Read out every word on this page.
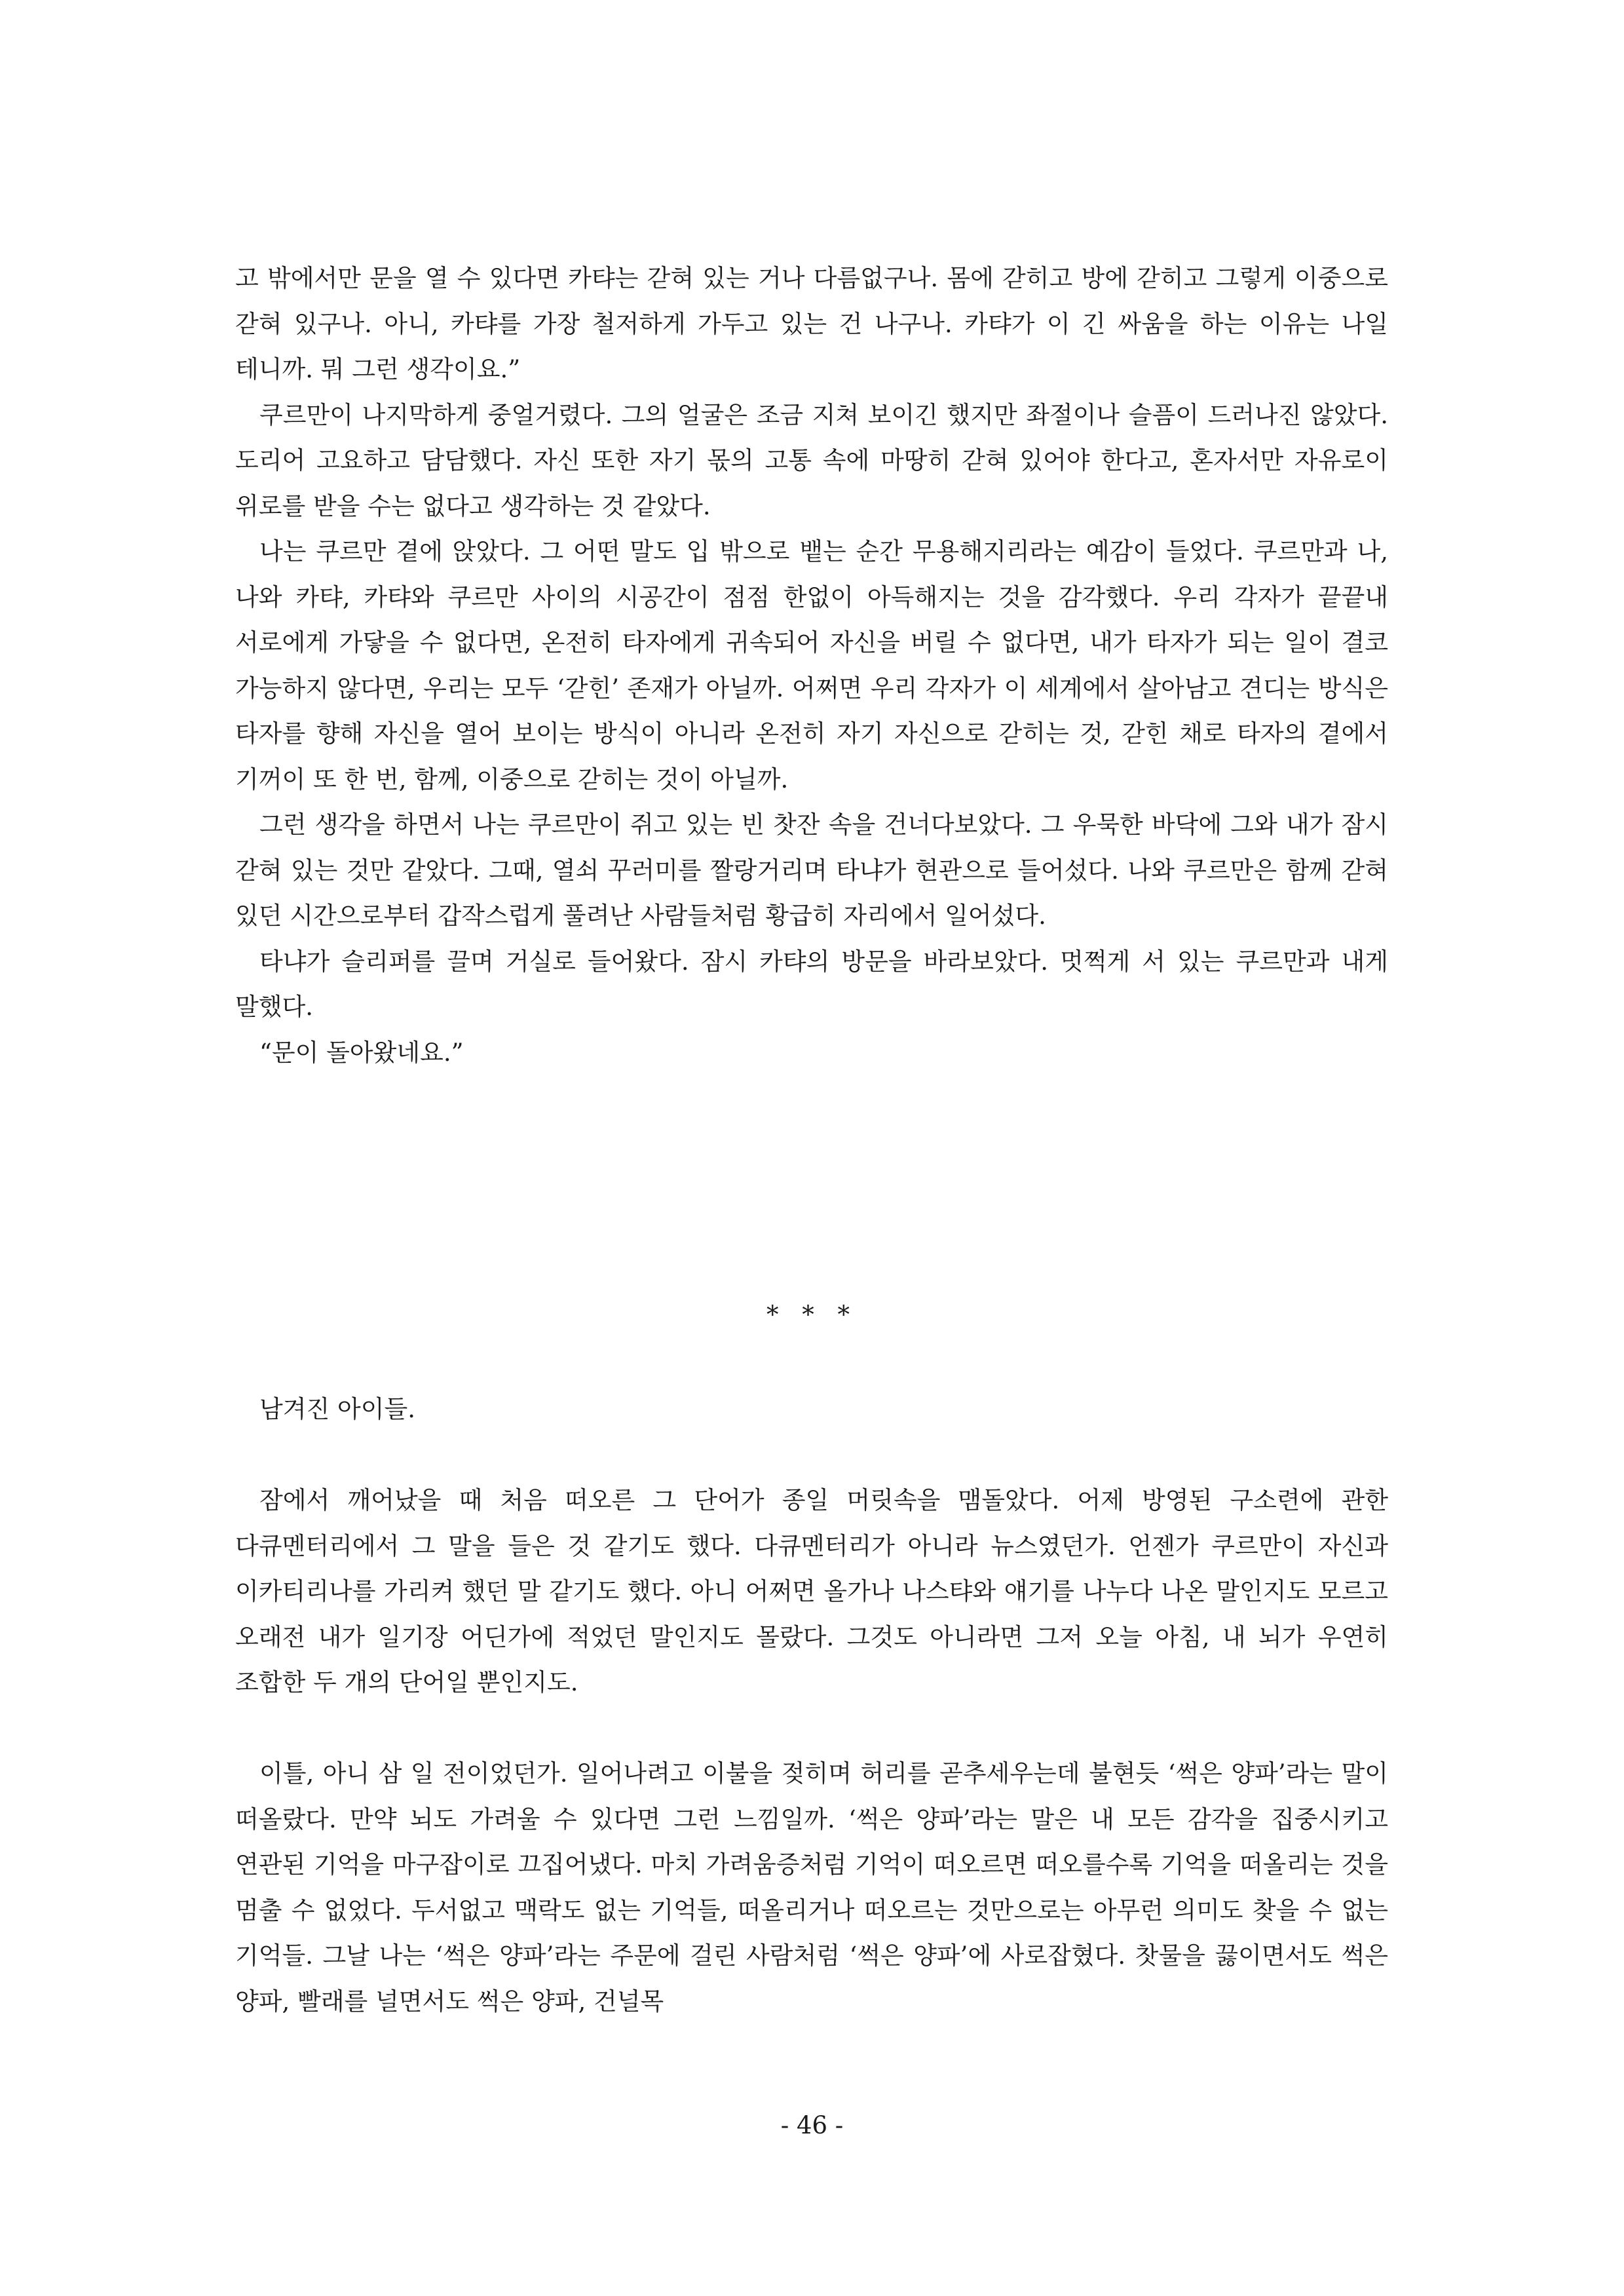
고 밖에서만 문을 열 수 있다면 카탸는 갇혀 있는 거나 다름없구나. 몸에 갇히고 방에 갇히고 그렇게 이중으로 갇혀 있구나. 아니, 카탸를 가장 철저하게 가두고 있는 건 나구나. 카탸가 이 긴 싸움을 하는 이유는 나일 테니까. 뭐 그런 생각이요.”

쿠르만이 나지막하게 중얼거렸다. 그의 얼굴은 조금 지쳐 보이긴 했지만 좌절이나 슬픔이 드러나진 않았다. 도리어 고요하고 담담했다. 자신 또한 자기 몫의 고통 속에 마땅히 갇혀 있어야 한다고, 혼자서만 자유로이 위로를 받을 수는 없다고 생각하는 것 같았다.

나는 쿠르만 곁에 앉았다. 그 어떤 말도 입 밖으로 뱉는 순간 무용해지리라는 예감이 들었다. 쿠르만과 나, 나와 카탸, 카탸와 쿠르만 사이의 시공간이 점점 한없이 아득해지는 것을 감각했다. 우리 각자가 끝끝내 서로에게 가닿을 수 없다면, 온전히 타자에게 귀속되어 자신을 버릴 수 없다면, 내가 타자가 되는 일이 결코 가능하지 않다면, 우리는 모두 ‘갇힌’ 존재가 아닐까. 어쩌면 우리 각자가 이 세계에서 살아남고 견디는 방식은 타자를 향해 자신을 열어 보이는 방식이 아니라 온전히 자기 자신으로 갇히는 것, 갇힌 채로 타자의 곁에서 기꺼이 또 한 번, 함께, 이중으로 갇히는 것이 아닐까.

그런 생각을 하면서 나는 쿠르만이 쥐고 있는 빈 찻잔 속을 건너다보았다. 그 우묵한 바닥에 그와 내가 잠시 갇혀 있는 것만 같았다. 그때, 열쇠 꾸러미를 짤랑거리며 타냐가 현관으로 들어섰다. 나와 쿠르만은 함께 갇혀 있던 시간으로부터 갑작스럽게 풀려난 사람들처럼 황급히 자리에서 일어섰다.

타냐가 슬리퍼를 끌며 거실로 들어왔다. 잠시 카탸의 방문을 바라보았다. 멋쩍게 서 있는 쿠르만과 내게 말했다.

“문이 돌아왔네요.”

* * *

남겨진 아이들.

잠에서 깨어났을 때 처음 떠오른 그 단어가 종일 머릿속을 맴돌았다. 어제 방영된 구소련에 관한 다큐멘터리에서 그 말을 들은 것 같기도 했다. 다큐멘터리가 아니라 뉴스였던가. 언젠가 쿠르만이 자신과 이카티리나를 가리켜 했던 말 같기도 했다. 아니 어쩌면 올가나 나스탸와 얘기를 나누다 나온 말인지도 모르고 오래전 내가 일기장 어딘가에 적었던 말인지도 몰랐다. 그것도 아니라면 그저 오늘 아침, 내 뇌가 우연히 조합한 두 개의 단어일 뿐인지도.

이틀, 아니 삼 일 전이었던가. 일어나려고 이불을 젖히며 허리를 곧추세우는데 불현듯 ‘썩은 양파’라는 말이 떠올랐다. 만약 뇌도 가려울 수 있다면 그런 느낌일까. ‘썩은 양파’라는 말은 내 모든 감각을 집중시키고 연관된 기억을 마구잡이로 끄집어냈다. 마치 가려움증처럼 기억이 떠오르면 떠오를수록 기억을 떠올리는 것을 멈출 수 없었다. 두서없고 맥락도 없는 기억들, 떠올리거나 떠오르는 것만으로는 아무런 의미도 찾을 수 없는 기억들. 그날 나는 ‘썩은 양파’라는 주문에 걸린 사람처럼 ‘썩은 양파’에 사로잡혔다. 찻물을 끓이면서도 썩은 양파, 빨래를 널면서도 썩은 양파, 건널목

- 46 -
